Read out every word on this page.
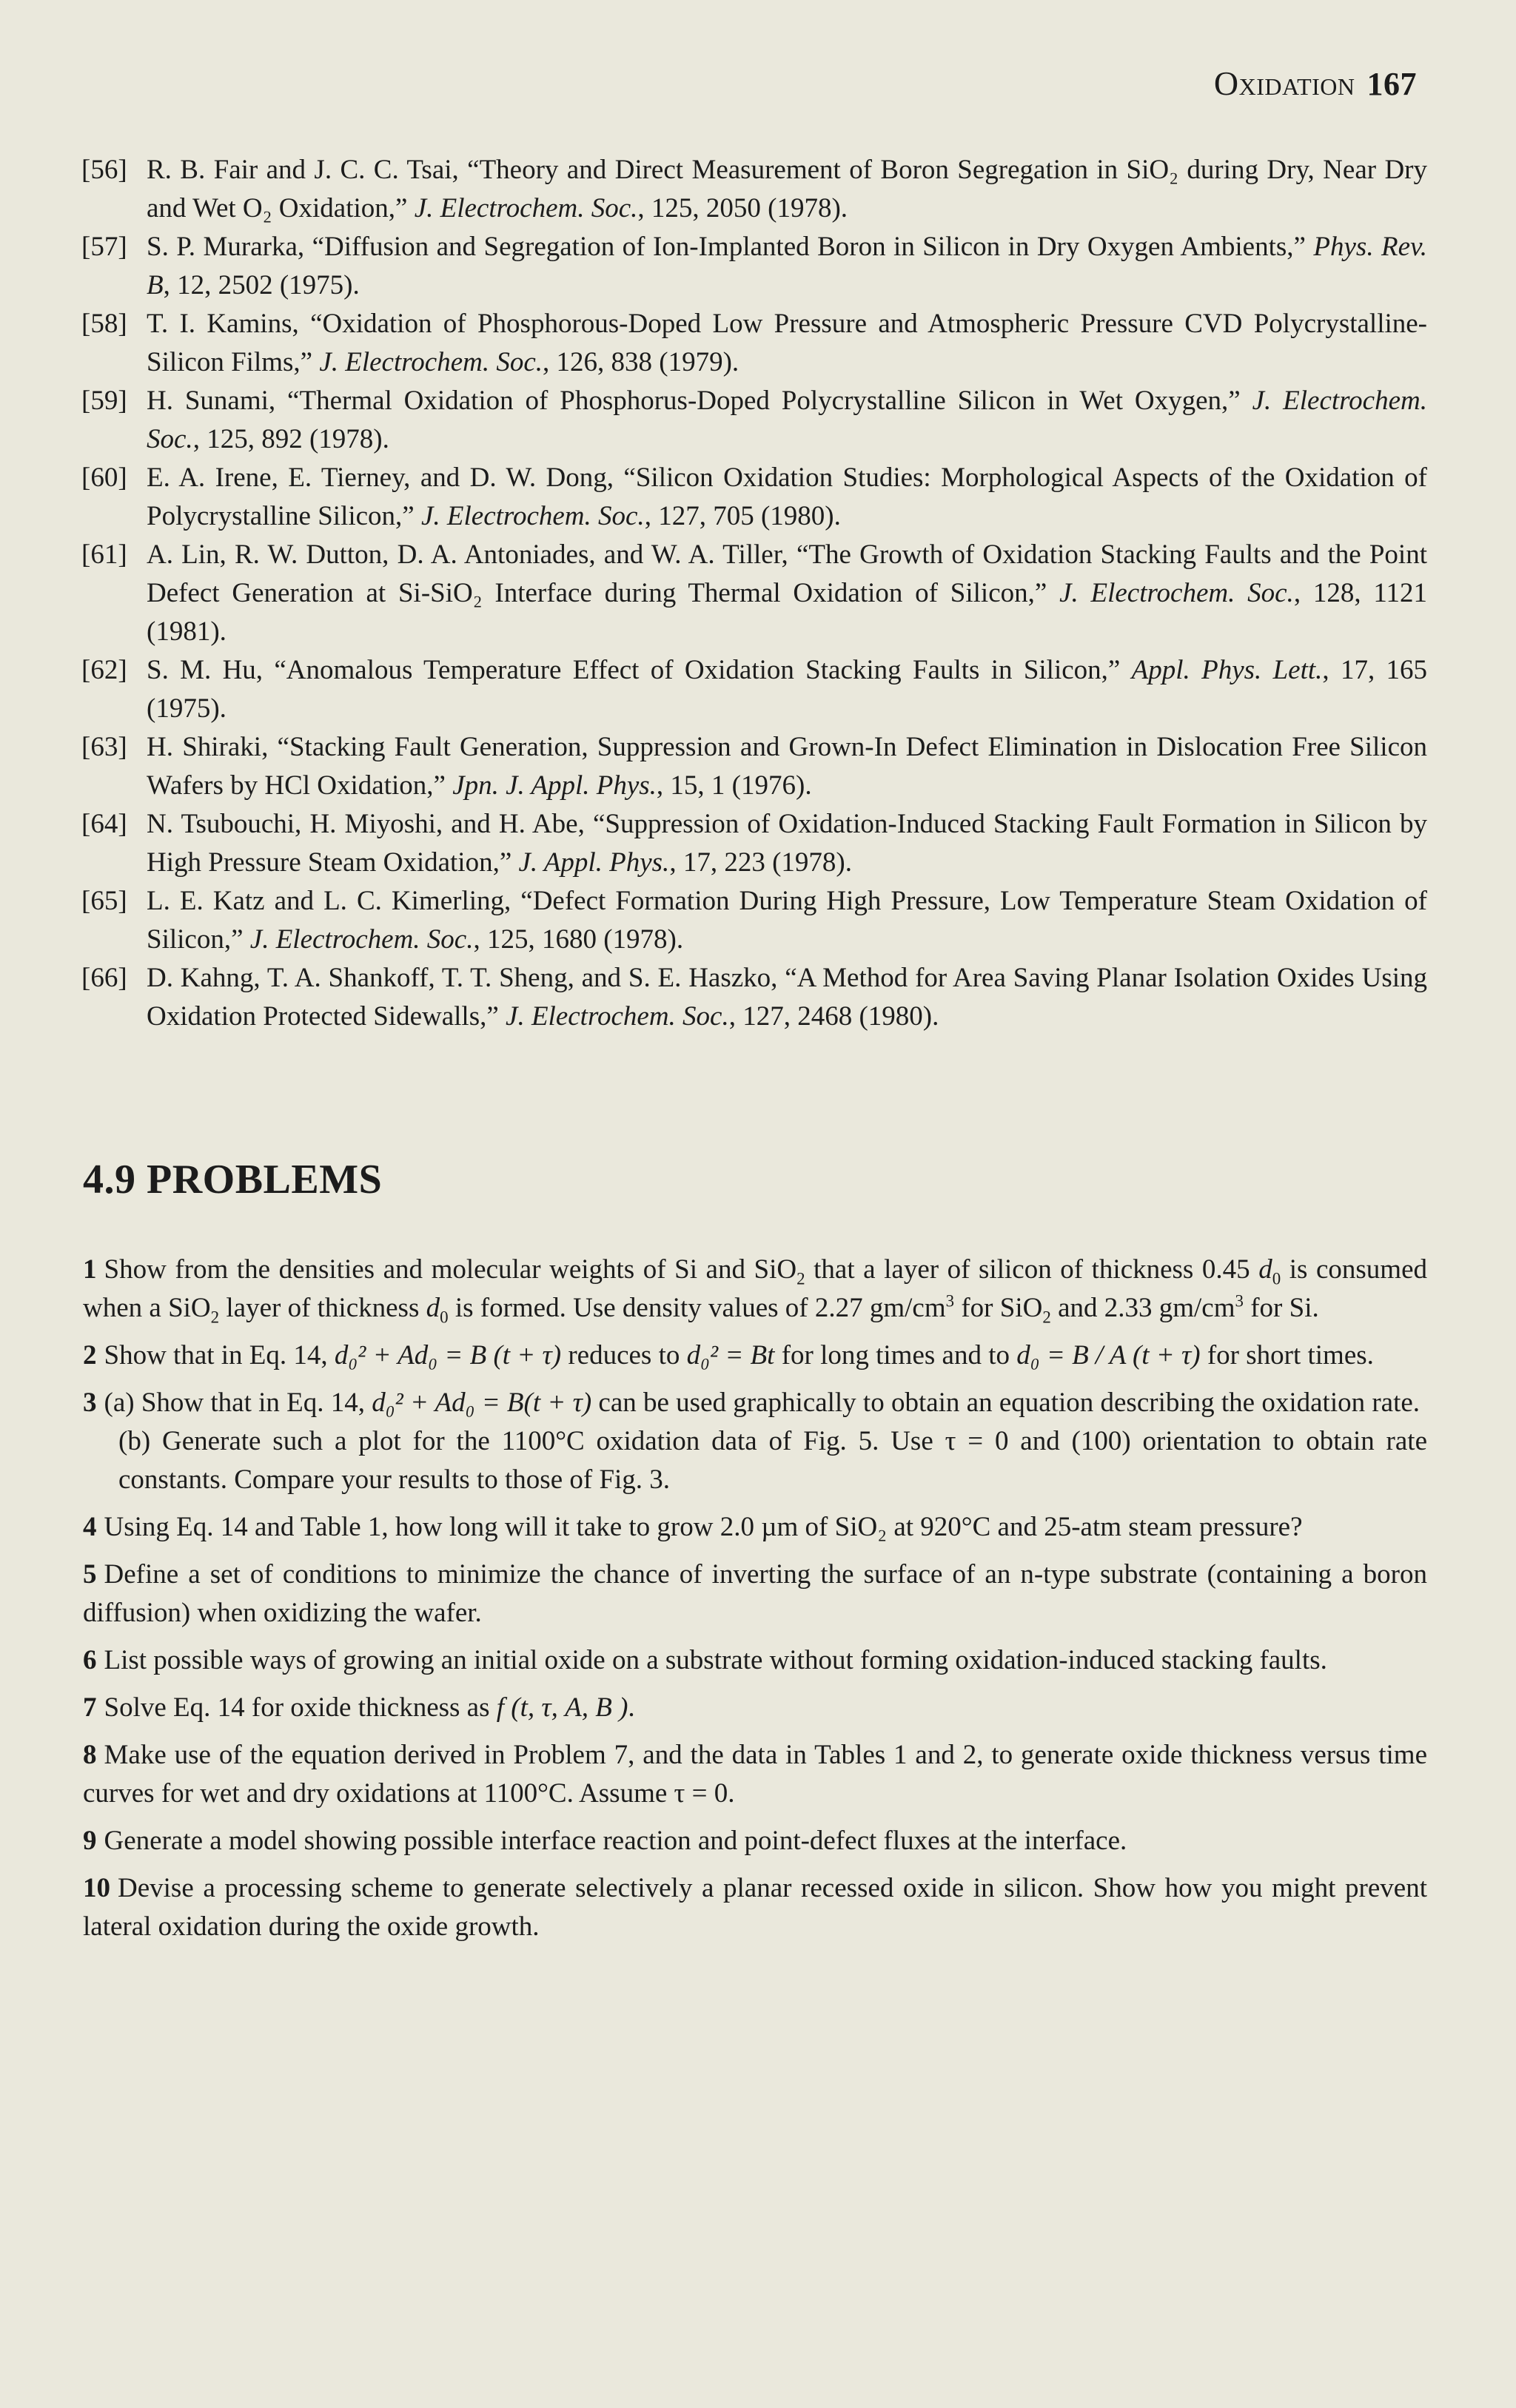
Oxidation 167
[56] R. B. Fair and J. C. C. Tsai, “Theory and Direct Measurement of Boron Segregation in SiO₂ during Dry, Near Dry and Wet O₂ Oxidation,” J. Electrochem. Soc., 125, 2050 (1978).
[57] S. P. Murarka, “Diffusion and Segregation of Ion-Implanted Boron in Silicon in Dry Oxygen Ambients,” Phys. Rev. B, 12, 2502 (1975).
[58] T. I. Kamins, “Oxidation of Phosphorous-Doped Low Pressure and Atmospheric Pressure CVD Polycrystalline-Silicon Films,” J. Electrochem. Soc., 126, 838 (1979).
[59] H. Sunami, “Thermal Oxidation of Phosphorus-Doped Polycrystalline Silicon in Wet Oxygen,” J. Electrochem. Soc., 125, 892 (1978).
[60] E. A. Irene, E. Tierney, and D. W. Dong, “Silicon Oxidation Studies: Morphological Aspects of the Oxidation of Polycrystalline Silicon,” J. Electrochem. Soc., 127, 705 (1980).
[61] A. Lin, R. W. Dutton, D. A. Antoniades, and W. A. Tiller, “The Growth of Oxidation Stacking Faults and the Point Defect Generation at Si-SiO₂ Interface during Thermal Oxidation of Silicon,” J. Electrochem. Soc., 128, 1121 (1981).
[62] S. M. Hu, “Anomalous Temperature Effect of Oxidation Stacking Faults in Silicon,” Appl. Phys. Lett., 17, 165 (1975).
[63] H. Shiraki, “Stacking Fault Generation, Suppression and Grown-In Defect Elimination in Dislocation Free Silicon Wafers by HCl Oxidation,” Jpn. J. Appl. Phys., 15, 1 (1976).
[64] N. Tsubouchi, H. Miyoshi, and H. Abe, “Suppression of Oxidation-Induced Stacking Fault Formation in Silicon by High Pressure Steam Oxidation,” J. Appl. Phys., 17, 223 (1978).
[65] L. E. Katz and L. C. Kimerling, “Defect Formation During High Pressure, Low Temperature Steam Oxidation of Silicon,” J. Electrochem. Soc., 125, 1680 (1978).
[66] D. Kahng, T. A. Shankoff, T. T. Sheng, and S. E. Haszko, “A Method for Area Saving Planar Isolation Oxides Using Oxidation Protected Sidewalls,” J. Electrochem. Soc., 127, 2468 (1980).
4.9 PROBLEMS
1 Show from the densities and molecular weights of Si and SiO$_2$ that a layer of silicon of thickness 0.45 $d_0$ is consumed when a SiO$_2$ layer of thickness $d_0$ is formed. Use density values of 2.27 $gm/cm^3$ for SiO$_2$ and 2.33 $gm/cm^3$ for Si.
2 Show that in Eq. 14, d₀² + Ad₀ = B (t + τ) reduces to d₀² = Bt for long times and to d₀ = B / A (t + τ) for short times.
3 (a) Show that in Eq. 14, d₀² + Ad₀ = B(t + τ) can be used graphically to obtain an equation describing the oxidation rate.
(b) Generate such a plot for the 1100°C oxidation data of Fig. 5. Use τ = 0 and (100) orientation to obtain rate constants. Compare your results to those of Fig. 3.
4 Using Eq. 14 and Table 1, how long will it take to grow 2.0 µm of SiO₂ at 920°C and 25-atm steam pressure?
5 Define a set of conditions to minimize the chance of inverting the surface of an n-type substrate (containing a boron diffusion) when oxidizing the wafer.
6 List possible ways of growing an initial oxide on a substrate without forming oxidation-induced stacking faults.
7 Solve Eq. 14 for oxide thickness as f (t, τ, A, B ).
8 Make use of the equation derived in Problem 7, and the data in Tables 1 and 2, to generate oxide thickness versus time curves for wet and dry oxidations at 1100°C. Assume τ = 0.
9 Generate a model showing possible interface reaction and point-defect fluxes at the interface.
10 Devise a processing scheme to generate selectively a planar recessed oxide in silicon. Show how you might prevent lateral oxidation during the oxide growth.
